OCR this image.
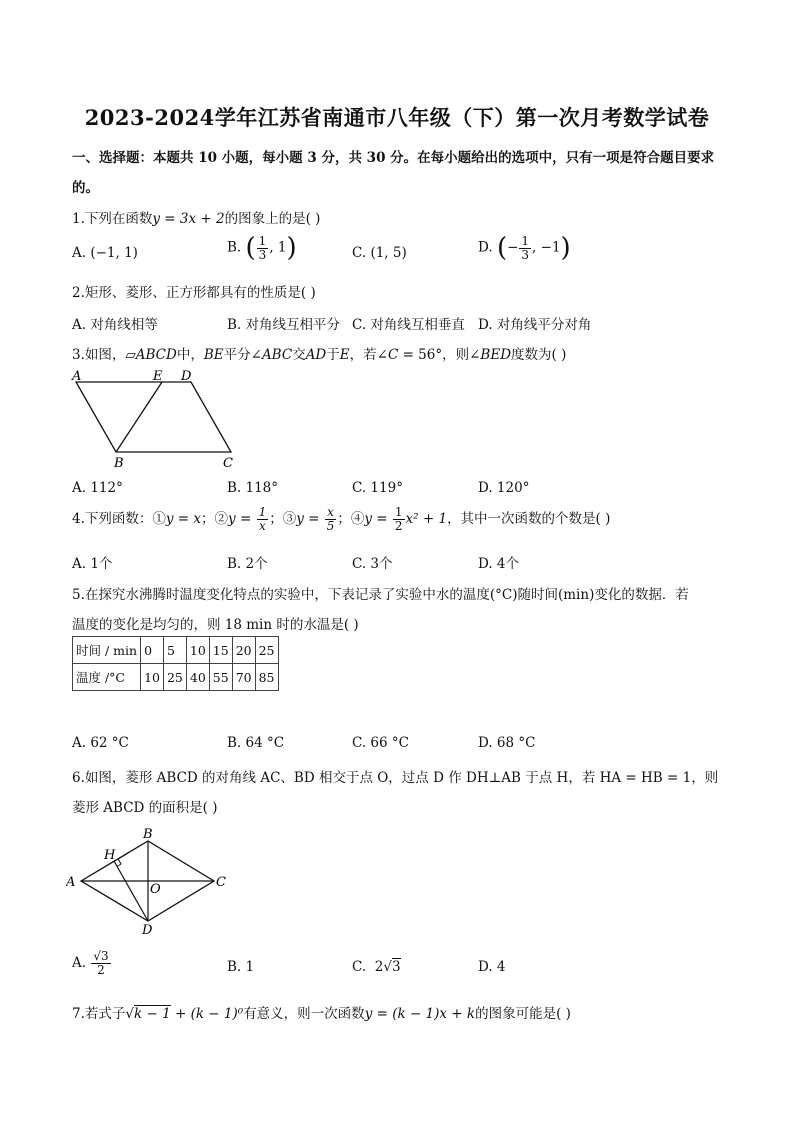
2023-2024学年江苏省南通市八年级（下）第一次月考数学试卷
一、选择题：本题共 10 小题，每小题 3 分，共 30 分。在每小题给出的选项中，只有一项是符合题目要求
的。
1.下列在函数y = 3x + 2的图象上的是( )
A. (−1, 1)	B. ( $\frac{1}{3}$ , 1)	C. (1, 5)	D. (− $\frac{1}{3}$ , −1)
2.矩形、菱形、正方形都具有的性质是( )
A. 对角线相等	B. 对角线互相平分 C. 对角线互相垂直 D. 对角线平分对角
3.如图，▱ABCD中，BE平分∠ABC交AD于E，若∠C = 56°，则∠BED度数为( )
A	E D
B	C
A. 112°	B. 118°	C. 119°	D. 120°
4.下列函数：①y = x；②y = $\frac{1}{x}$ ；③y = $\frac{x}{5}$ ；④y = $\frac{1}{2} x^2 + 1$，其中一次函数的个数是( )
A. 1个	B. 2个	C. 3个	D. 4个
5.在探究水沸腾时温度变化特点的实验中，下表记录了实验中水的温度(°C)随时间(min)变化的数据．若
温度的变化是均匀的，则 18 min 时的水温是( )
时间 / min	0	5	10	15	20	25
温度 /°C	10	25	40	55	70	85
A. 62 °C	B. 64 °C	C. 66 °C	D. 68 °C
6.如图，菱形 ABCD 的对角线 AC、BD 相交于点 O，过点 D 作 DH⊥AB 于点 H，若 HA = HB = 1，则
菱形 ABCD 的面积是( )
A
B
C
D
H
O
A. $\frac{√3}{2}$	B. 1	C. 2√3	D. 4
7.若式子√k − 1 + (k − 1)⁰有意义，则一次函数y = (k − 1)x + k的图象可能是( )
